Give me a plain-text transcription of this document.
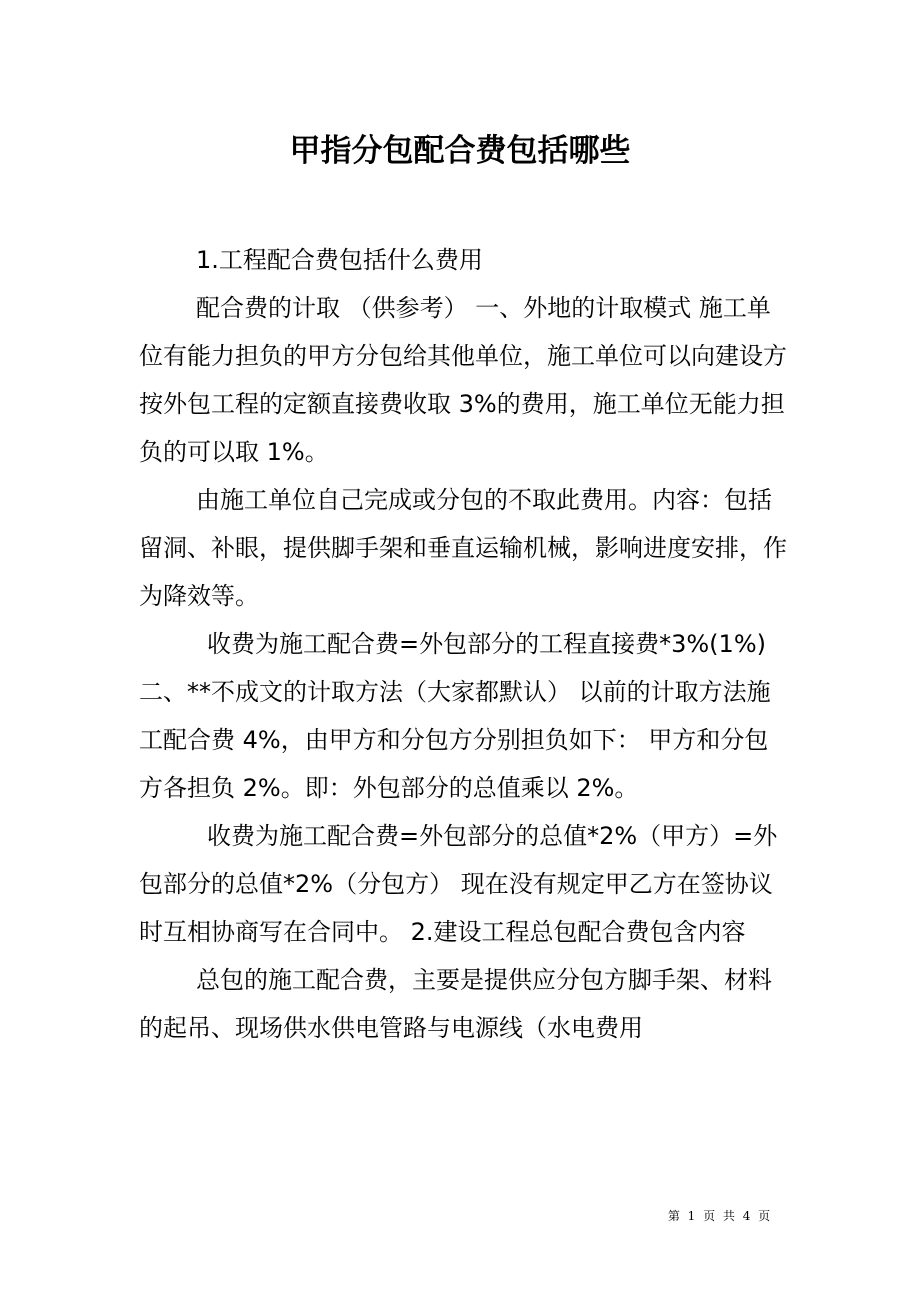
甲指分包配合费包括哪些

1.工程配合费包括什么费用

配合费的计取 （供参考） 一、外地的计取模式 施工单位有能力担负的甲方分包给其他单位，施工单位可以向建设方按外包工程的定额直接费收取 3%的费用，施工单位无能力担负的可以取 1%。

由施工单位自己完成或分包的不取此费用。内容：包括留洞、补眼，提供脚手架和垂直运输机械，影响进度安排，作为降效等。

收费为施工配合费=外包部分的工程直接费*3%(1%) 二、**不成文的计取方法（大家都默认） 以前的计取方法施工配合费 4%，由甲方和分包方分别担负如下： 甲方和分包方各担负 2%。即：外包部分的总值乘以 2%。

收费为施工配合费=外包部分的总值*2%（甲方）=外包部分的总值*2%（分包方） 现在没有规定甲乙方在签协议时互相协商写在合同中。 2.建设工程总包配合费包含内容

总包的施工配合费，主要是提供应分包方脚手架、材料的起吊、现场供水供电管路与电源线（水电费用

第 1 页 共 4 页
